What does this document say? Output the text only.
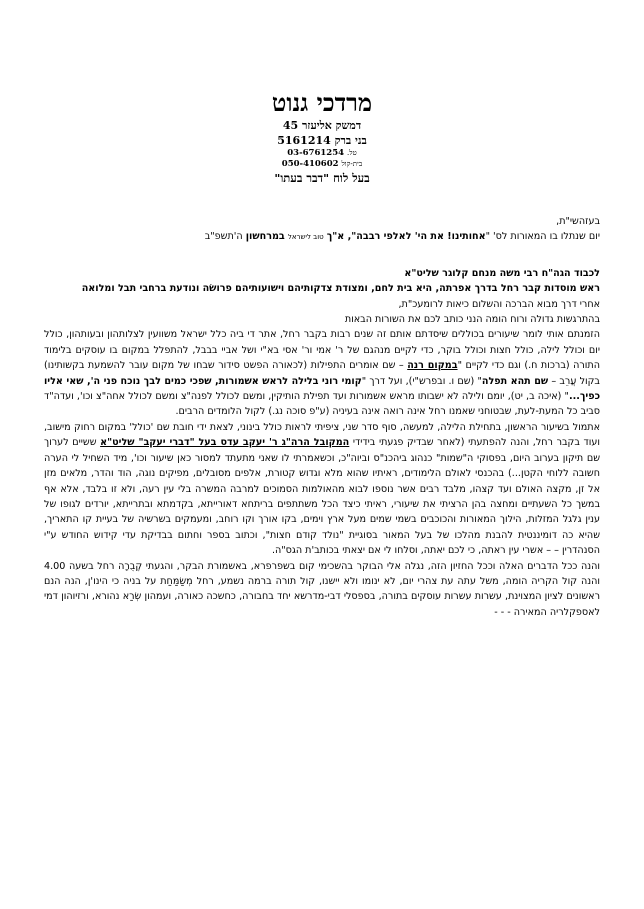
מרדכי גנוט

דמשק אליעזר 45

בני ברק 5161214

טל. 03-6761254

בית-קול 050-410602

בעל לוח "דבר בעתו"

בעזהשי"ת,

יום שנתלו בו המאורות לס' "אחותינו! את הי' לאלפי רבבה", א"ך טוב לישראל במרחשון ה'תשפ"ב

לכבוד הגה"ח רבי משה מנחם קלוגר שליט"א

ראש מוסדות קבר רחל בדרך אפרתה, היא בית לחם, ומצודת צדקותיהם וישועותיהם פרושׂה ונודעת ברחבי תבל ומלואה

אחרי דרך מבוא הברכה והשלום כיאות לרומעכ"ת,

בהתרגשות גדולה ורוח הומה הנני כותב לכם את השורות הבאות

הזמנתם אותי לומר שיעורים בכוללים שיסדתם אותם זה שנים רבות בקבר רחל, אתר די ביה כלל ישראל משוועין לצלותהון ובעותהון, כולל יום וכולל לילה, כולל חצות וכולל בוקר, כדי לקיים מנהגם של ר' אמי ור' אסי בא"י ושל אביי בבבל, להתפלל במקום בו עוסקים בלימוד התורה (ברכות ח.) וגם כדי לקיים "במקום רנה – שם אומרים התפילות (לכאורה הפשט סידור שבחו של מקום עובר להשמעת בקשותינו) בקול עֲרֵב – שם תהא תפלה" (שם ו. ובפרש"י), ועל דרך "קומי רוני בלילה לראש אשמורות, שפכי כמים לבך נוכח פני ה', שאי אליו כפיך..." (איכה ב, יט), יומם ולילה לא ישבותו מראש אשמורות ועד תפילת הותיקין, ומשם לכולל לפנה"צ ומשם לכולל אחה"צ וכו', ועדה"ד סביב כל המעת-לעת, שבטוחני שאמנו רחל אינה רואה אינה בעיניה (ע"פ סוכה נג.) לקול הלומדים הרבים.

אתמול בשיעור הראשון, בתחילת הלילה, למעשה, סוף סדר שני, ציפיתי לראות כולל בינוני, לצאת ידי חובת שם 'כולל' במקום רחוק מישוב, ועוד בקבר רחל, והנה להפתעתי (לאחר שבדיק פגעתי בידידי המקובל הרה"ג ר' יעקב עדס בעל "דברי יעקב" שליט"א ששיים לערוך שם תיקון בערוב היום, בפסוקי ה"שמות" כנהוג ביהכנ"ס וביוה"כ, וכשאמרתי לו שאני מתעתד למסור כאן שיעור וכו', מיד השחיל לי הערה חשובה ללוחי הקטן...) בהכנסי לאולם הלימודים, ראיתיו שהוא מלא וגדוש קטורת, אלפים מסובלים, מפיקים נוגה, הוד והדר, מלאים מזן אל זן, מקצה האולם ועד קצהו, מלבד רבים אשר נוספו לבוא מהאולמות הסמוכים למרבה המשרה בלי עין רעה, ולא זו בלבד, אלא אף במשך כל השעתיים ומחצה בהן הרציתי את שיעורי, ראיתי כיצד הכל משתתפים בריתחא דאורייתא, בקדמתא ובתרייתא, יורדים לגופו של ענין גלגל המזלות, הילוך המאורות והכוכבים בשמי שמים מעל ארץ וימים, בקו אורך וקו רוחב, ומעמקים בשרשיה של בעיית קו התאריך, שהיא כה דומיננטית להבנת מהלכו של בעל המאור בסוגיית "נולד קודם חצות", וכתוב בספר וחתום בבדיקת עדי קידוש החודש ע"י הסנהדרין – – אשרי עין ראתה, כי לכם יאתה, וסלחו לי אם יצאתי בכותב'ת הגס"ה.

והנה ככל הדברים האלה וככל החזיון הזה, נגלה אלי הבוקר בהשכימי קום בשפרפרא, באשמורת הבקר, והגעתי קֶבֻרָה רחל בשעה 4.00 והנה קול הקריה הומה, משל עתה עת צהרי יום, לא ינומו ולא יישנו, קול תורה ברמה נשמע, רחל מְשַׂמַּחַת על בניה כי הינו'ן, הנה הנם ראשונים לציון המצוינת, עשרות עשרות עוסקים בתורה, בספסלי דבי-מדרשא יחד בחבורה, כחשכה כאורה, ועמהון שְׂרַא נהורא, ורזיוהון דמי לאספקלריה המאירה - - -
